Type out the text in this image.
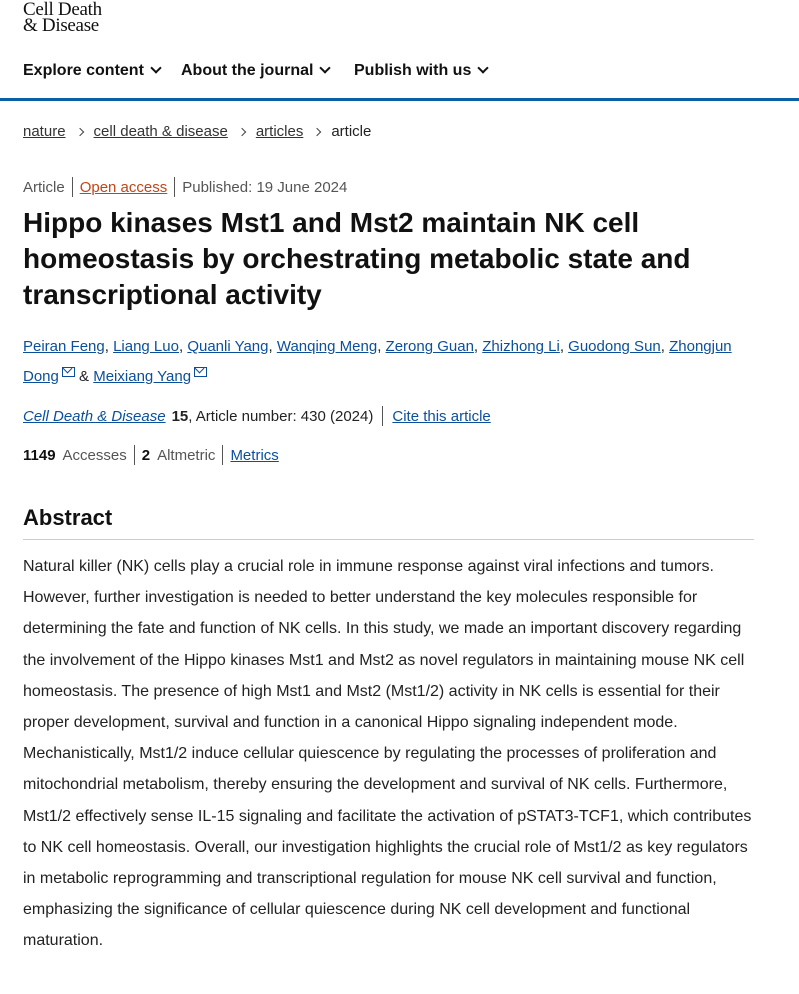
Cell Death
& Disease
Explore content About the journal	Publish with us
nature cell death & disease articles article
Article Open access Published: 19 June 2024
Hippo kinases Mst1 and Mst2 maintain NK cell homeostasis by orchestrating metabolic state and transcriptional activity
Peiran Feng, Liang Luo, Quanli Yang, Wanqing Meng, Zerong Guan, Zhizhong Li, Guodong Sun, Zhongjun Dong & Meixiang Yang
Cell Death & Disease 15 , Article number: 430 (2024) Cite this article
1149 Accesses 2 Altmetric Metrics
Abstract

Natural killer (NK) cells play a crucial role in immune response against viral infections and tumors. However, further investigation is needed to better understand the key molecules responsible for determining the fate and function of NK cells. In this study, we made an important discovery regarding the involvement of the Hippo kinases Mst1 and Mst2 as novel regulators in maintaining mouse NK cell homeostasis. The presence of high Mst1 and Mst2 (Mst1/2) activity in NK cells is essential for their proper development, survival and function in a canonical Hippo signaling independent mode. Mechanistically, Mst1/2 induce cellular quiescence by regulating the processes of proliferation and mitochondrial metabolism, thereby ensuring the development and survival of NK cells. Furthermore, Mst1/2 effectively sense IL-15 signaling and facilitate the activation of pSTAT3-TCF1, which contributes to NK cell homeostasis. Overall, our investigation highlights the crucial role of Mst1/2 as key regulators in metabolic reprogramming and transcriptional regulation for mouse NK cell survival and function, emphasizing the significance of cellular quiescence during NK cell development and functional maturation.
